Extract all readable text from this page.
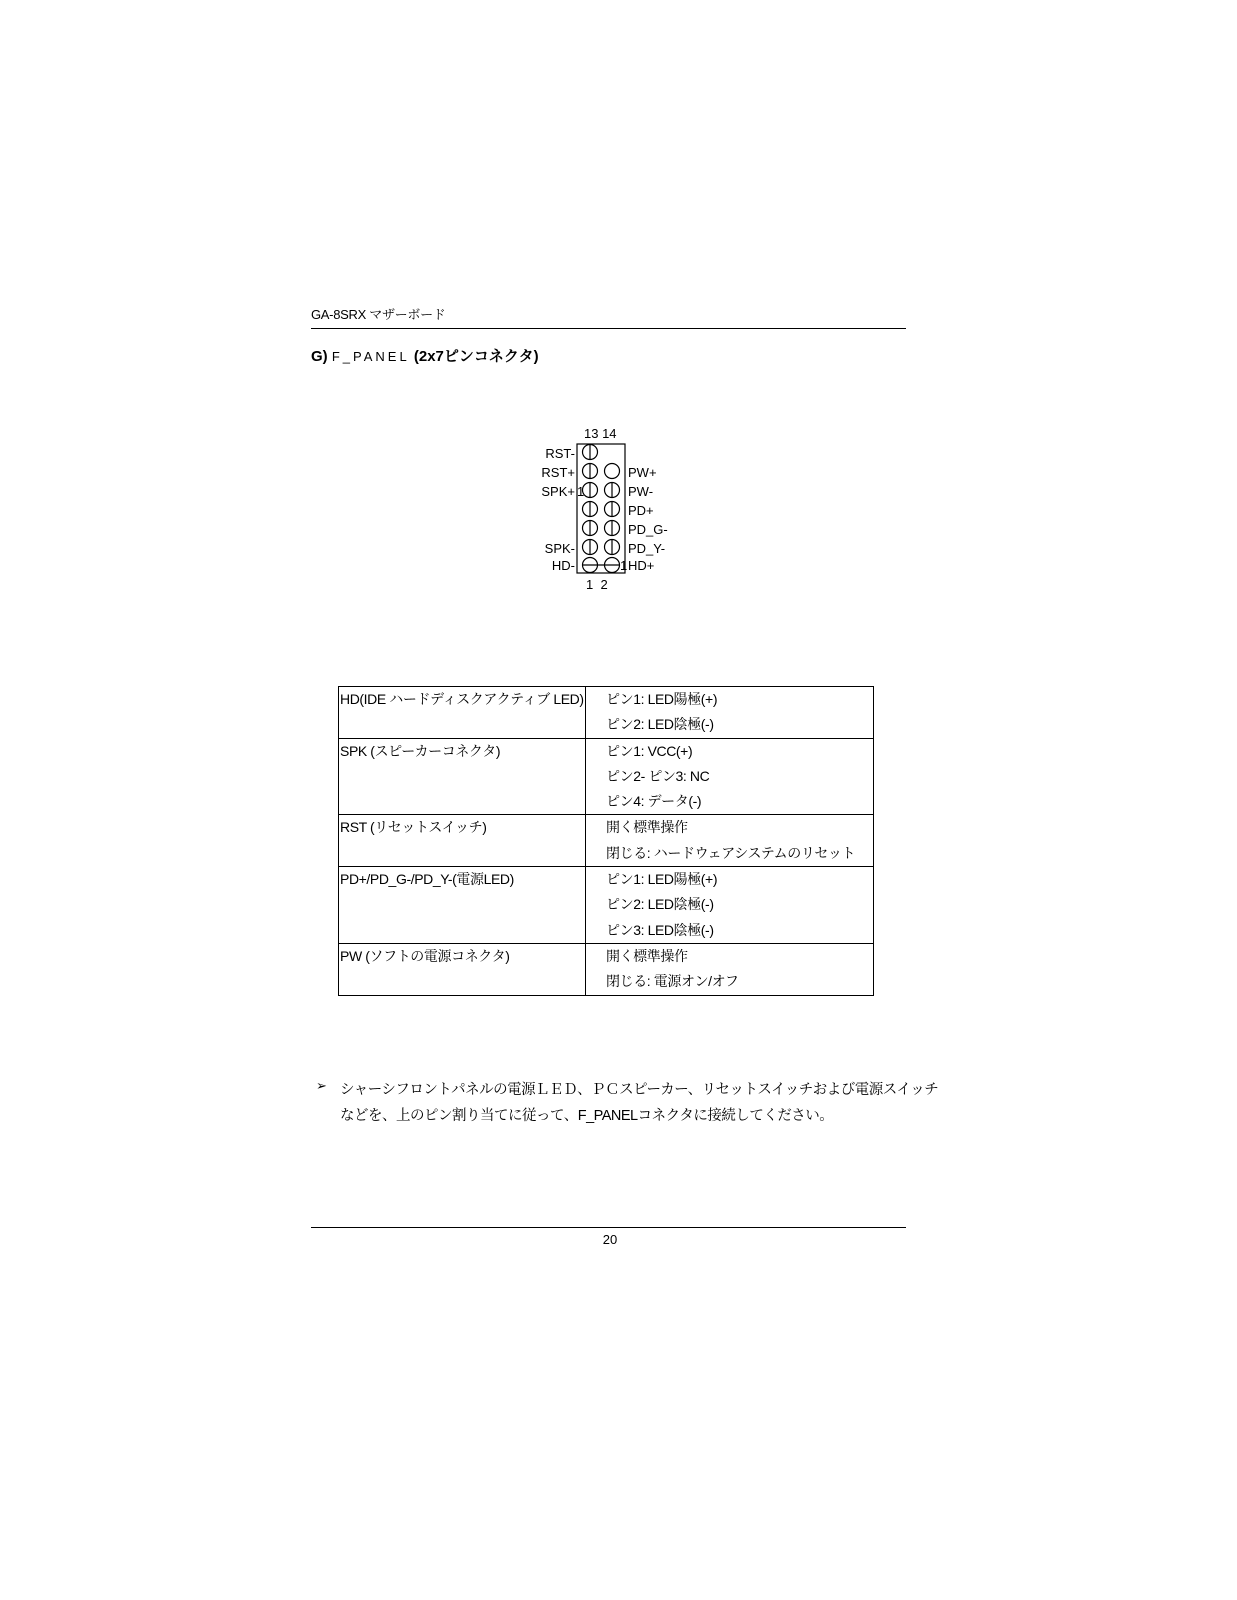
GA-8SRX マザーボード
G) F_PANEL (2x7ピンコネクタ)
13 14
1  2
RST-
RST+
SPK+ 1
SPK-
HD-
PW+
PW-
PD+
PD_G-
PD_Y-
1 HD+
HD(IDE ハードディスクアクティブ LED)	ピン1: LED陽極(+)
ピン2: LED陰極(-)

SPK (スピーカーコネクタ)	ピン1: VCC(+)
ピン2- ピン3: NC
ピン4: データ(-)

RST (リセットスイッチ)	開く標準操作
閉じる: ハードウェアシステムのリセット

PD+/PD_G-/PD_Y-(電源LED)	ピン1: LED陽極(+)
ピン2: LED陰極(-)
ピン3: LED陰極(-)

PW (ソフトの電源コネクタ)	開く標準操作
閉じる: 電源オン/オフ
➢ シャーシフロントパネルの電源ＬＥＤ、ＰＣスピーカー、リセットスイッチおよび電源スイッチ
などを、上のピン割り当てに従って、F_PANELコネクタに接続してください。
20
